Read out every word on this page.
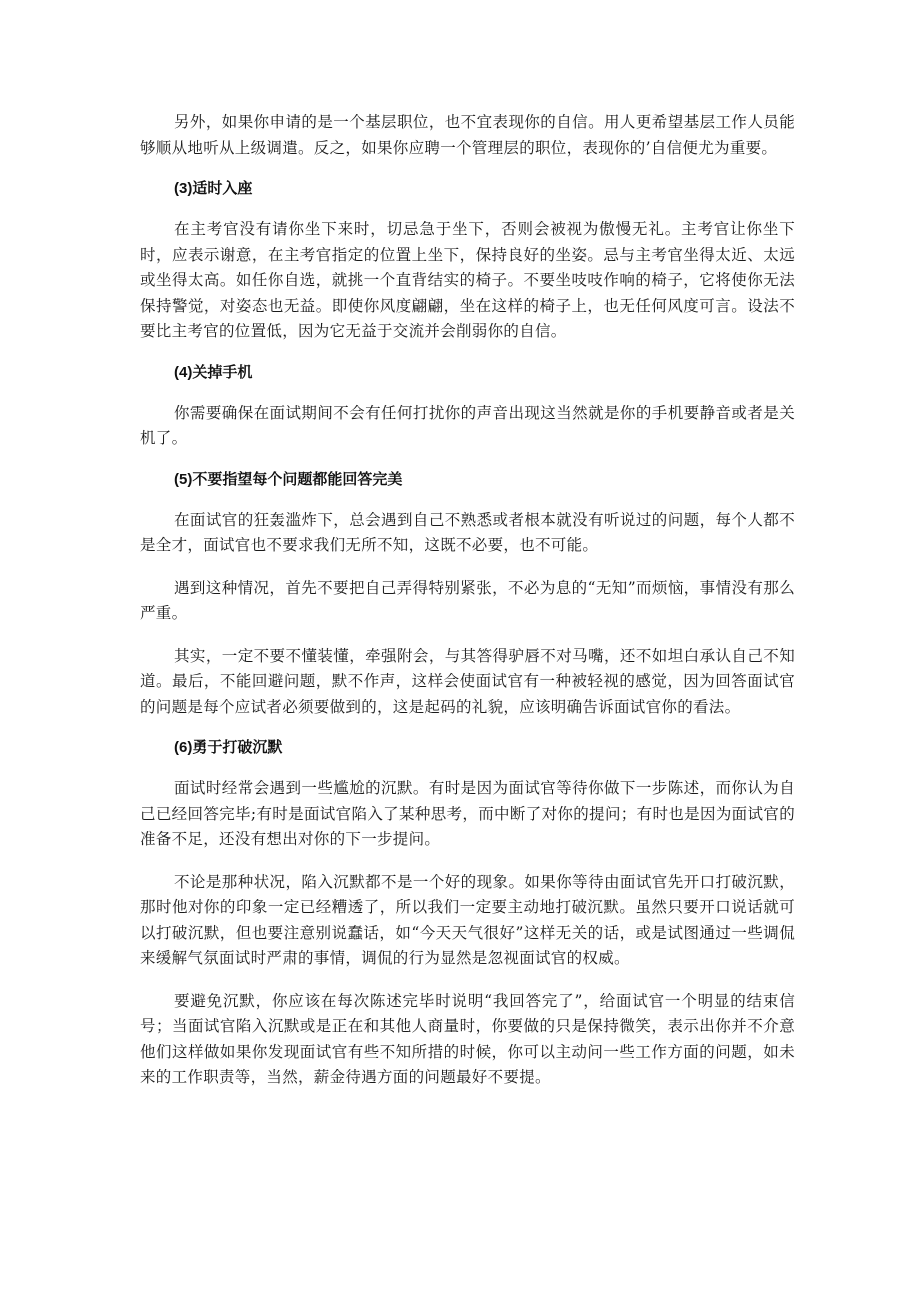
另外，如果你申请的是一个基层职位，也不宜表现你的自信。用人更希望基层工作人员能够顺从地听从上级调遣。反之，如果你应聘一个管理层的职位，表现你的’自信便尤为重要。

(3)适时入座

在主考官没有请你坐下来时，切忌急于坐下，否则会被视为傲慢无礼。主考官让你坐下时，应表示谢意，在主考官指定的位置上坐下，保持良好的坐姿。忌与主考官坐得太近、太远或坐得太高。如任你自选，就挑一个直背结实的椅子。不要坐吱吱作响的椅子，它将使你无法保持警觉，对姿态也无益。即使你风度翩翩，坐在这样的椅子上，也无任何风度可言。设法不要比主考官的位置低，因为它无益于交流并会削弱你的自信。

(4)关掉手机

你需要确保在面试期间不会有任何打扰你的声音出现这当然就是你的手机要静音或者是关机了。

(5)不要指望每个问题都能回答完美

在面试官的狂轰滥炸下，总会遇到自己不熟悉或者根本就没有听说过的问题，每个人都不是全才，面试官也不要求我们无所不知，这既不必要，也不可能。

遇到这种情况，首先不要把自己弄得特别紧张，不必为息的“无知”而烦恼，事情没有那么严重。

其实，一定不要不懂装懂，牵强附会，与其答得驴唇不对马嘴，还不如坦白承认自己不知道。最后，不能回避问题，默不作声，这样会使面试官有一种被轻视的感觉，因为回答面试官的问题是每个应试者必须要做到的，这是起码的礼貌，应该明确告诉面试官你的看法。

(6)勇于打破沉默

面试时经常会遇到一些尴尬的沉默。有时是因为面试官等待你做下一步陈述，而你认为自己已经回答完毕;有时是面试官陷入了某种思考，而中断了对你的提问；有时也是因为面试官的准备不足，还没有想出对你的下一步提问。

不论是那种状况，陷入沉默都不是一个好的现象。如果你等待由面试官先开口打破沉默，那时他对你的印象一定已经糟透了，所以我们一定要主动地打破沉默。虽然只要开口说话就可以打破沉默，但也要注意别说蠢话，如“今天天气很好”这样无关的话，或是试图通过一些调侃来缓解气氛面试时严肃的事情，调侃的行为显然是忽视面试官的权威。

要避免沉默，你应该在每次陈述完毕时说明“我回答完了”，给面试官一个明显的结束信号；当面试官陷入沉默或是正在和其他人商量时，你要做的只是保持微笑，表示出你并不介意他们这样做如果你发现面试官有些不知所措的时候，你可以主动问一些工作方面的问题，如未来的工作职责等，当然，薪金待遇方面的问题最好不要提。
